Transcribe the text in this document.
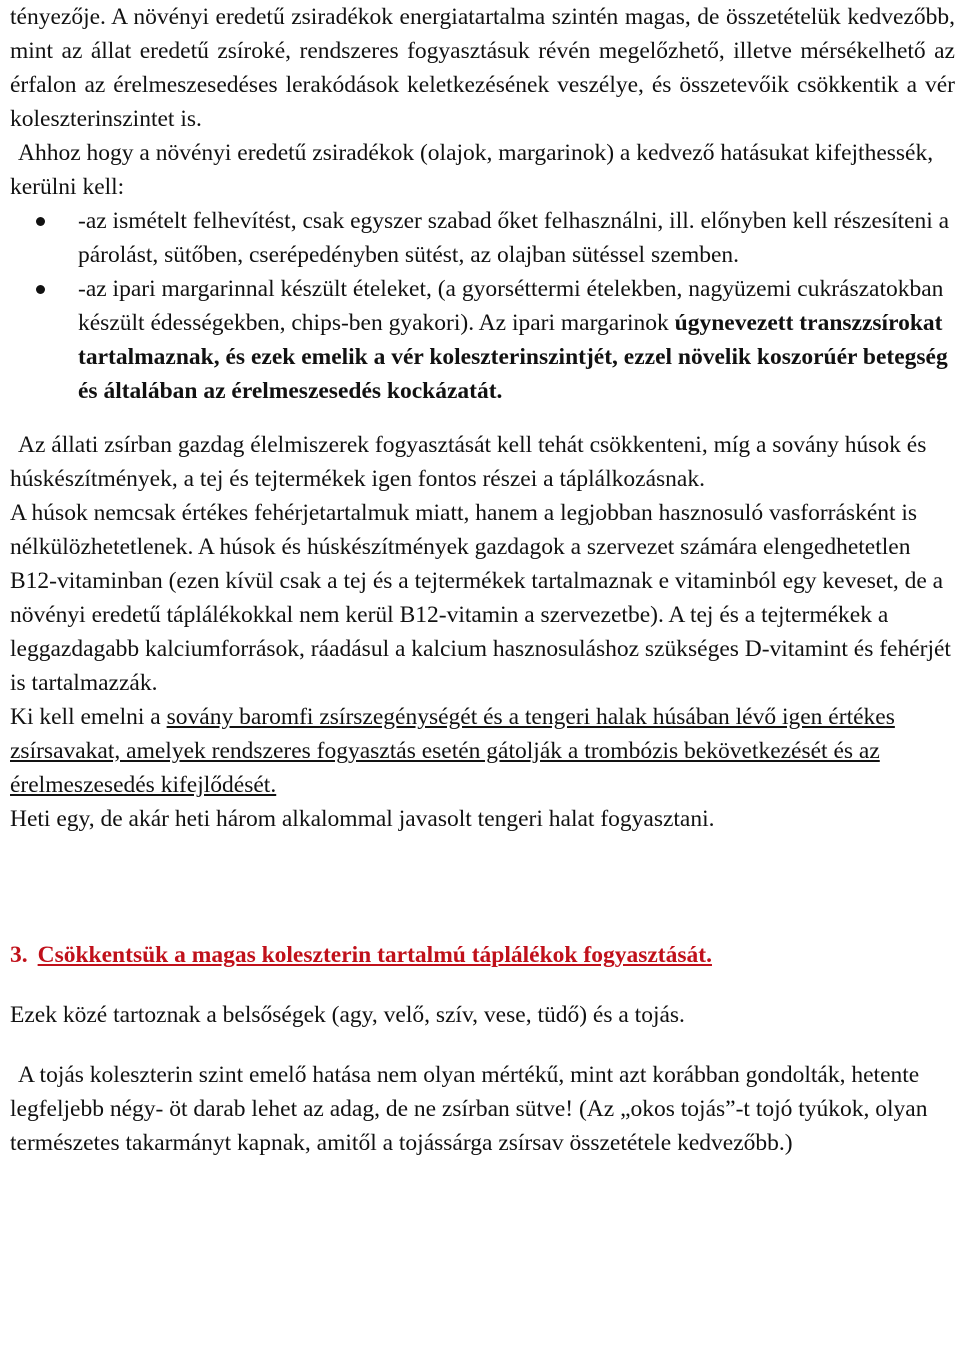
tényezője. A növényi eredetű zsiradékok energiatartalma szintén magas, de összetételük kedvezőbb, mint az állat eredetű zsíroké, rendszeres fogyasztásuk révén megelőzhető, illetve mérsékelhető az érfalon az érelmeszesedéses lerakódások keletkezésének veszélye, és összetevőik csökkentik a vér koleszterinszintet is.

Ahhoz hogy a növényi eredetű zsiradékok (olajok, margarinok) a kedvező hatásukat kifejthessék, kerülni kell:

-az ismételt felhevítést, csak egyszer szabad őket felhasználni, ill. előnyben kell részesíteni a párolást, sütőben, cserépedényben sütést, az olajban sütéssel szemben.
-az ipari margarinnal készült ételeket, (a gyorséttermi ételekben, nagyüzemi cukrászatokban készült édességekben, chips-ben gyakori). Az ipari margarinok úgynevezett transzzsírokat tartalmaznak, és ezek emelik a vér koleszterinszintjét, ezzel növelik koszorúér betegség és általában az érelmeszesedés kockázatát.

Az állati zsírban gazdag élelmiszerek fogyasztását kell tehát csökkenteni, míg a sovány húsok és húskészítmények, a tej és tejtermékek igen fontos részei a táplálkozásnak.

A húsok nemcsak értékes fehérjetartalmuk miatt, hanem a legjobban hasznosuló vasforrásként is nélkülözhetetlenek. A húsok és húskészítmények gazdagok a szervezet számára elengedhetetlen B12-vitaminban (ezen kívül csak a tej és a tejtermékek tartalmaznak e vitaminból egy keveset, de a növényi eredetű táplálékokkal nem kerül B12-vitamin a szervezetbe). A tej és a tejtermékek a leggazdagabb kalciumforrások, ráadásul a kalcium hasznosuláshoz szükséges D-vitamint és fehérjét is tartalmazzák.

Ki kell emelni a sovány baromfi zsírszegénységét és a tengeri halak húsában lévő igen értékes zsírsavakat, amelyek rendszeres fogyasztás esetén gátolják a trombózis bekövetkezését és az érelmeszesedés kifejlődését.

Heti egy, de akár heti három alkalommal javasolt tengeri halat fogyasztani.

3. Csökkentsük a magas koleszterin tartalmú táplálékok fogyasztását.

Ezek közé tartoznak a belsőségek (agy, velő, szív, vese, tüdő) és a tojás.

A tojás koleszterin szint emelő hatása nem olyan mértékű, mint azt korábban gondolták, hetente legfeljebb négy- öt darab lehet az adag, de ne zsírban sütve! (Az „okos tojás”-t tojó tyúkok, olyan természetes takarmányt kapnak, amitől a tojássárga zsírsav összetétele kedvezőbb.)
